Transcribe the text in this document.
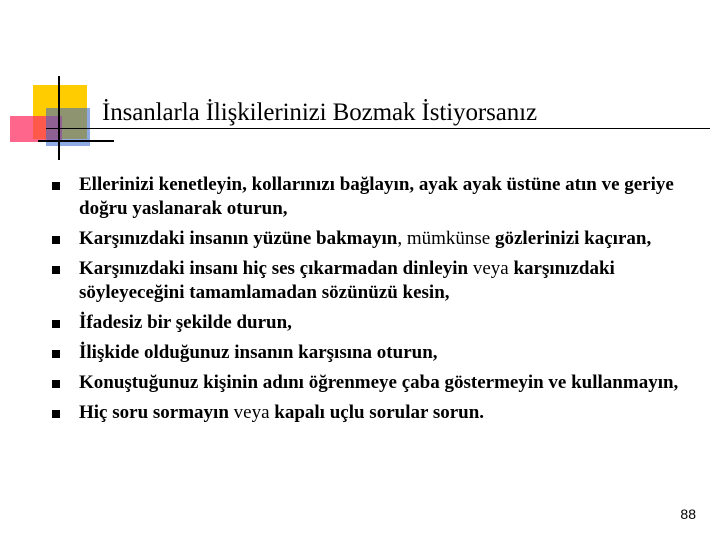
İnsanlarla İlişkilerinizi Bozmak İstiyorsanız
Ellerinizi kenetleyin, kollarınızı bağlayın, ayak ayak üstüne atın ve geriye doğru yaslanarak oturun,
Karşınızdaki insanın yüzüne bakmayın, mümkünse gözlerinizi kaçıran,
Karşınızdaki insanı hiç ses çıkarmadan dinleyin veya karşınızdaki söyleyeceğini tamamlamadan sözünüzü kesin,
İfadesiz bir şekilde durun,
İlişkide olduğunuz insanın karşısına oturun,
Konuştuğunuz kişinin adını öğrenmeye çaba göstermeyin ve kullanmayın,
Hiç soru sormayın veya kapalı uçlu sorular sorun.
88
